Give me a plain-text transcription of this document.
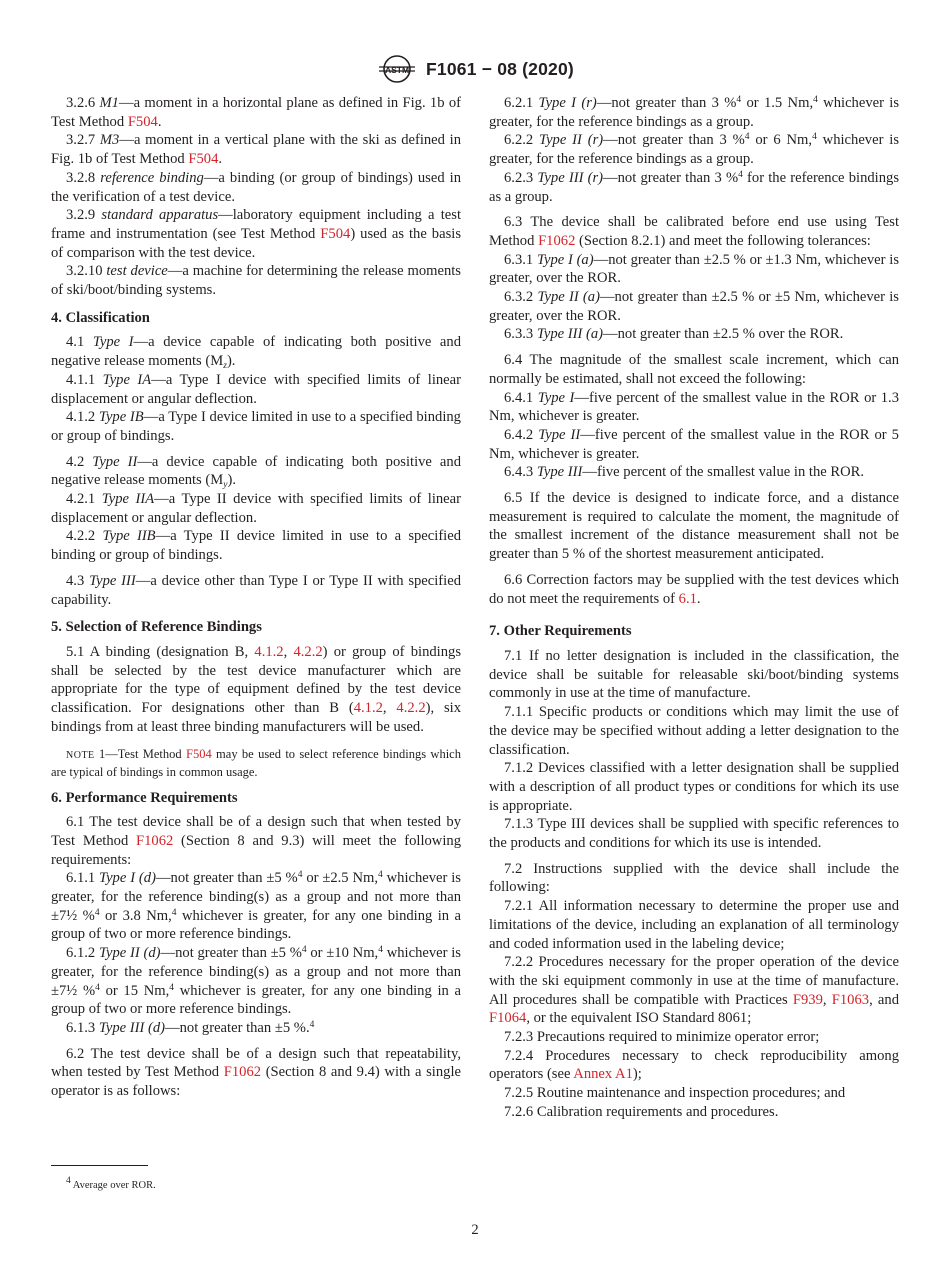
ASTM F1061 − 08 (2020)

3.2.6 M1—a moment in a horizontal plane as defined in Fig. 1b of Test Method F504.

3.2.7 M3—a moment in a vertical plane with the ski as defined in Fig. 1b of Test Method F504.

3.2.8 reference binding—a binding (or group of bindings) used in the verification of a test device.

3.2.9 standard apparatus—laboratory equipment including a test frame and instrumentation (see Test Method F504) used as the basis of comparison with the test device.

3.2.10 test device—a machine for determining the release moments of ski/boot/binding systems.

4. Classification

4.1 Type I—a device capable of indicating both positive and negative release moments $(M_z)$.

4.1.1 Type IA—a Type I device with specified limits of linear displacement or angular deflection.

4.1.2 Type IB—a Type I device limited in use to a specified binding or group of bindings.

4.2 Type II—a device capable of indicating both positive and negative release moments $(M_y)$.

4.2.1 Type IIA—a Type II device with specified limits of linear displacement or angular deflection.

4.2.2 Type IIB—a Type II device limited in use to a specified binding or group of bindings.

4.3 Type III—a device other than Type I or Type II with specified capability.

5. Selection of Reference Bindings

5.1 A binding (designation B, 4.1.2, 4.2.2) or group of bindings shall be selected by the test device manufacturer which are appropriate for the type of equipment defined by the test device classification. For designations other than B (4.1.2, 4.2.2), six bindings from at least three binding manufacturers will be used.

NOTE 1—Test Method F504 may be used to select reference bindings which are typical of bindings in common usage.

6. Performance Requirements

6.1 The test device shall be of a design such that when tested by Test Method F1062 (Section 8 and 9.3) will meet the following requirements:

6.1.1 Type I (d)—not greater than ±5 %$^4$ or ±2.5 Nm,$^4$ whichever is greater, for the reference binding(s) as a group and not more than ±7½ %$^4$ or 3.8 Nm,$^4$ whichever is greater, for any one binding in a group of two or more reference bindings.

6.1.2 Type II (d)—not greater than ±5 %$^4$ or ±10 Nm,$^4$ whichever is greater, for the reference binding(s) as a group and not more than ±7½ %$^4$ or 15 Nm,$^4$ whichever is greater, for any one binding in a group of two or more reference bindings.

6.1.3 Type III (d)—not greater than ±5 %.$^4$

6.2 The test device shall be of a design such that repeatability, when tested by Test Method F1062 (Section 8 and 9.4) with a single operator is as follows:

$^4$ Average over ROR.

6.2.1 Type I (r)—not greater than 3 %$^4$ or 1.5 Nm,$^4$ whichever is greater, for the reference bindings as a group.

6.2.2 Type II (r)—not greater than 3 %$^4$ or 6 Nm,$^4$ whichever is greater, for the reference bindings as a group.

6.2.3 Type III (r)—not greater than 3 %$^4$ for the reference bindings as a group.

6.3 The device shall be calibrated before end use using Test Method F1062 (Section 8.2.1) and meet the following tolerances:

6.3.1 Type I (a)—not greater than ±2.5 % or ±1.3 Nm, whichever is greater, over the ROR.

6.3.2 Type II (a)—not greater than ±2.5 % or ±5 Nm, whichever is greater, over the ROR.

6.3.3 Type III (a)—not greater than ±2.5 % over the ROR.

6.4 The magnitude of the smallest scale increment, which can normally be estimated, shall not exceed the following:

6.4.1 Type I—five percent of the smallest value in the ROR or 1.3 Nm, whichever is greater.

6.4.2 Type II—five percent of the smallest value in the ROR or 5 Nm, whichever is greater.

6.4.3 Type III—five percent of the smallest value in the ROR.

6.5 If the device is designed to indicate force, and a distance measurement is required to calculate the moment, the magnitude of the smallest increment of the distance measurement shall not be greater than 5 % of the shortest measurement anticipated.

6.6 Correction factors may be supplied with the test devices which do not meet the requirements of 6.1.

7. Other Requirements

7.1 If no letter designation is included in the classification, the device shall be suitable for releasable ski/boot/binding systems commonly in use at the time of manufacture.

7.1.1 Specific products or conditions which may limit the use of the device may be specified without adding a letter designation to the classification.

7.1.2 Devices classified with a letter designation shall be supplied with a description of all product types or conditions for which its use is appropriate.

7.1.3 Type III devices shall be supplied with specific references to the products and conditions for which its use is intended.

7.2 Instructions supplied with the device shall include the following:

7.2.1 All information necessary to determine the proper use and limitations of the device, including an explanation of all terminology and coded information used in the labeling device;

7.2.2 Procedures necessary for the proper operation of the device with the ski equipment commonly in use at the time of manufacture. All procedures shall be compatible with Practices F939, F1063, and F1064, or the equivalent ISO Standard 8061;

7.2.3 Precautions required to minimize operator error;

7.2.4 Procedures necessary to check reproducibility among operators (see Annex A1);

7.2.5 Routine maintenance and inspection procedures; and

7.2.6 Calibration requirements and procedures.

2
